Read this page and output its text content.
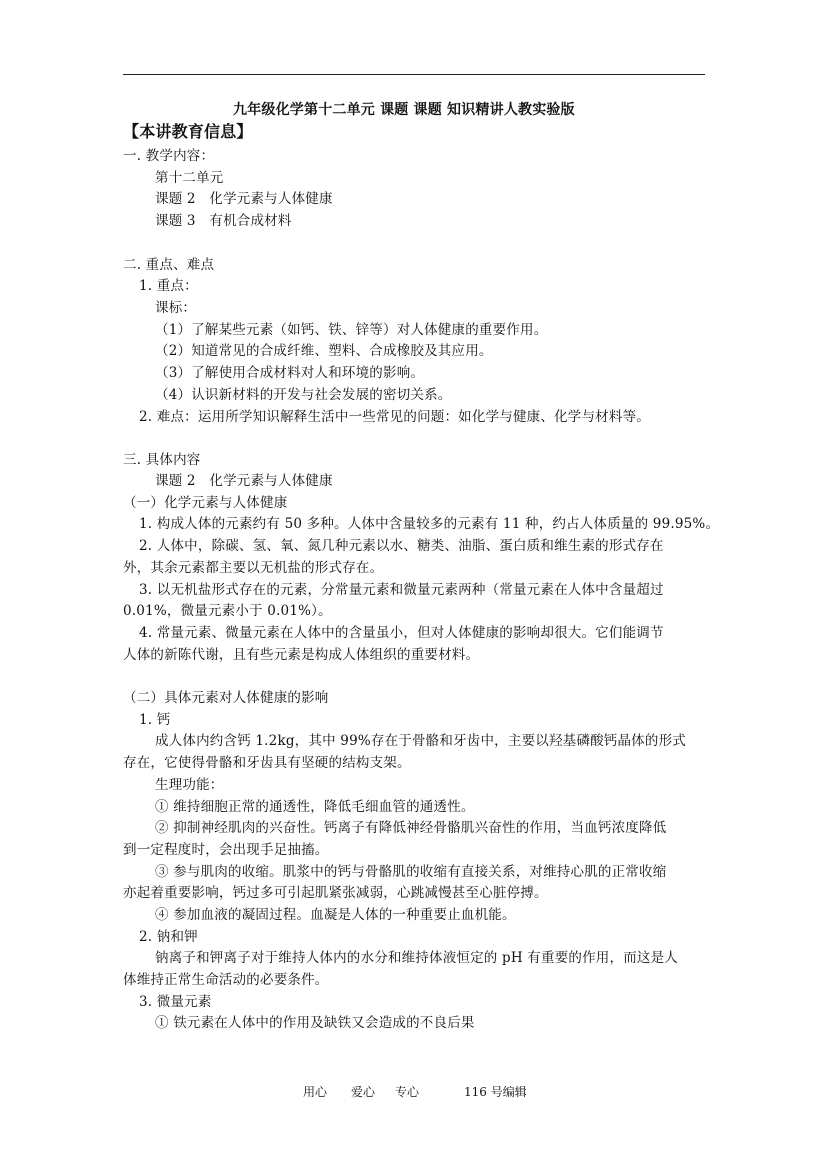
九年级化学第十二单元 课题 课题 知识精讲人教实验版
【本讲教育信息】
一. 教学内容：
第十二单元
课题 2　化学元素与人体健康
课题 3　有机合成材料
二. 重点、难点
1. 重点：
课标：
（1）了解某些元素（如钙、铁、锌等）对人体健康的重要作用。
（2）知道常见的合成纤维、塑料、合成橡胶及其应用。
（3）了解使用合成材料对人和环境的影响。
（4）认识新材料的开发与社会发展的密切关系。
2. 难点：运用所学知识解释生活中一些常见的问题：如化学与健康、化学与材料等。
三. 具体内容
课题 2　化学元素与人体健康
（一）化学元素与人体健康
1. 构成人体的元素约有 50 多种。人体中含量较多的元素有 11 种，约占人体质量的 99.95%。
2. 人体中，除碳、氢、氧、氮几种元素以水、糖类、油脂、蛋白质和维生素的形式存在
外，其余元素都主要以无机盐的形式存在。
3. 以无机盐形式存在的元素，分常量元素和微量元素两种（常量元素在人体中含量超过
0.01%，微量元素小于 0.01%）。
4. 常量元素、微量元素在人体中的含量虽小，但对人体健康的影响却很大。它们能调节
人体的新陈代谢，且有些元素是构成人体组织的重要材料。
（二）具体元素对人体健康的影响
1. 钙
成人体内约含钙 1.2kg，其中 99%存在于骨骼和牙齿中，主要以羟基磷酸钙晶体的形式
存在，它使得骨骼和牙齿具有坚硬的结构支架。
生理功能：
① 维持细胞正常的通透性，降低毛细血管的通透性。
② 抑制神经肌肉的兴奋性。钙离子有降低神经骨骼肌兴奋性的作用，当血钙浓度降低
到一定程度时，会出现手足抽搐。
③ 参与肌肉的收缩。肌浆中的钙与骨骼肌的收缩有直接关系，对维持心肌的正常收缩
亦起着重要影响，钙过多可引起肌紧张减弱，心跳减慢甚至心脏停搏。
④ 参加血液的凝固过程。血凝是人体的一种重要止血机能。
2. 钠和钾
钠离子和钾离子对于维持人体内的水分和维持体液恒定的 pH 有重要的作用，而这是人
体维持正常生命活动的必要条件。
3. 微量元素
① 铁元素在人体中的作用及缺铁又会造成的不良后果
用心 爱心 专心	116 号编辑
